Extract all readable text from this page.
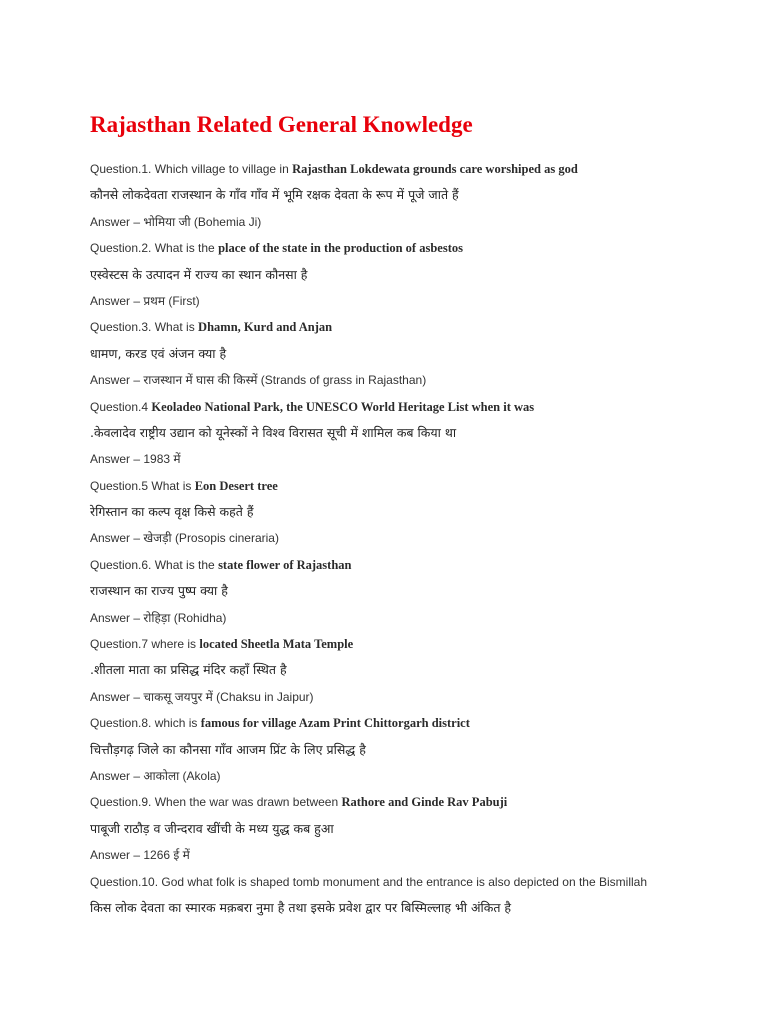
Rajasthan Related General Knowledge
Question.1. Which village to village in Rajasthan Lokdewata grounds care worshiped as god
कौनसे लोकदेवता राजस्थान के गाँव गाँव में भूमि रक्षक देवता के रूप में पूजे जाते हैं
Answer – भोमिया जी (Bohemia Ji)
Question.2. What is the place of the state in the production of asbestos
एस्वेस्टस के उत्पादन में राज्य का स्थान कौनसा है
Answer – प्रथम (First)
Question.3. What is Dhamn, Kurd and Anjan
धामण, करड एवं अंजन क्या है
Answer – राजस्थान में घास की किस्में (Strands of grass in Rajasthan)
Question.4 Keoladeo National Park, the UNESCO World Heritage List when it was
.केवलादेव राष्ट्रीय उद्यान को यूनेस्कों ने विश्व विरासत सूची में शामिल कब किया था
Answer – 1983 में
Question.5 What is Eon Desert tree
रेगिस्तान का कल्प वृक्ष किसे कहते हैं
Answer – खेजड़ी (Prosopis cineraria)
Question.6. What is the state flower of Rajasthan
राजस्थान का राज्य पुष्प क्या है
Answer – रोहिड़ा (Rohidha)
Question.7 where is located Sheetla Mata Temple
.शीतला माता का प्रसिद्ध मंदिर कहाँ स्थित है
Answer – चाकसू जयपुर में (Chaksu in Jaipur)
Question.8. which is famous for village Azam Print Chittorgarh district
चित्तौड़गढ़ जिले का कौनसा गाँव आजम प्रिंट के लिए प्रसिद्ध है
Answer – आकोला (Akola)
Question.9. When the war was drawn between Rathore and Ginde Rav Pabuji
पाबूजी राठौड़ व जीन्दराव खींची के मध्य युद्ध कब हुआ
Answer – 1266 ई में
Question.10. God what folk is shaped tomb monument and the entrance is also depicted on the Bismillah
किस लोक देवता का स्मारक मक़बरा नुमा है तथा इसके प्रवेश द्वार पर बिस्मिल्लाह भी अंकित है
